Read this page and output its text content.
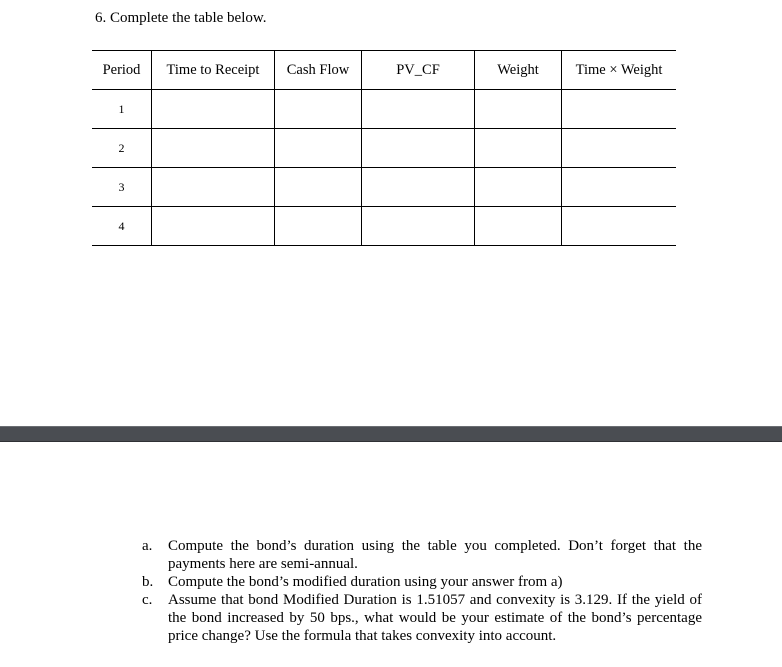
6. Complete the table below.
Period	Time to Receipt	Cash Flow	PV_CF	Weight	Time × Weight
1					
2					
3					
4					
a.	Compute the bond’s duration using the table you completed. Don’t forget that the payments here are semi-annual.
b. Compute the bond’s modified duration using your answer from a)
c.	Assume that bond Modified Duration is 1.51057 and convexity is 3.129. If the yield of the bond increased by 50 bps., what would be your estimate of the bond’s percentage price change? Use the formula that takes convexity into account.
